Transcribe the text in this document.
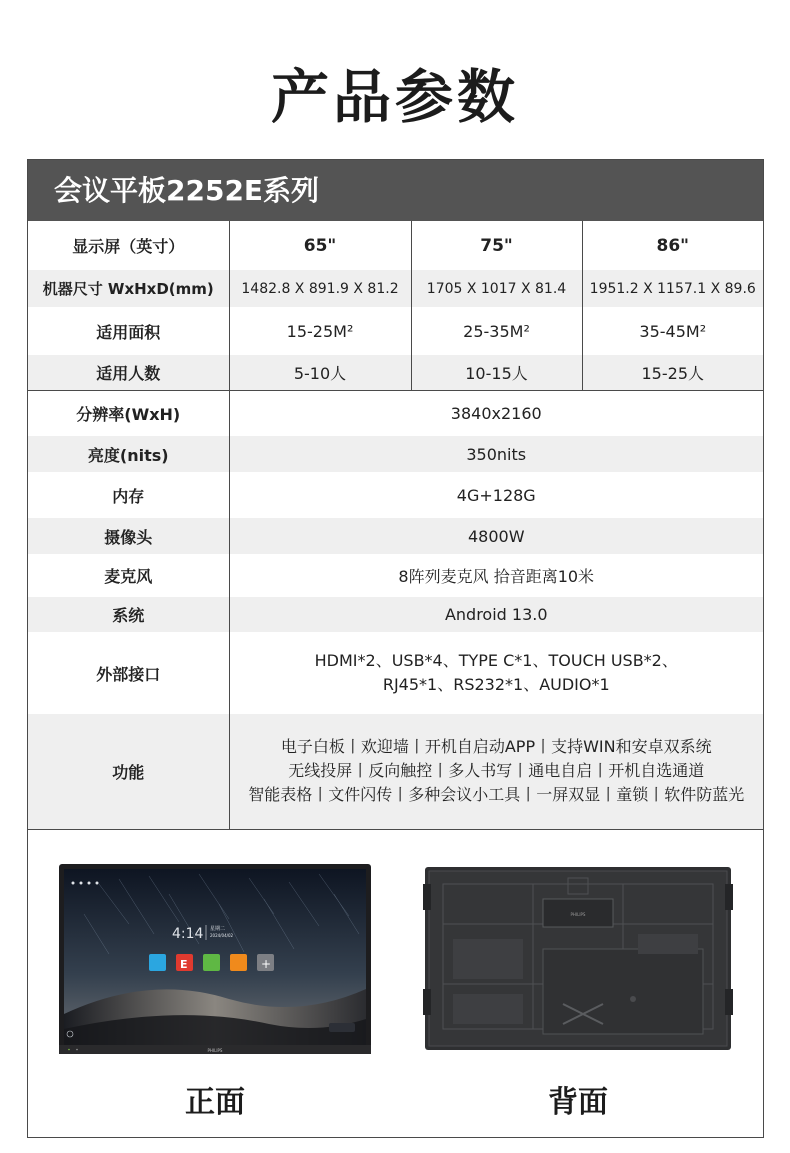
产品参数
会议平板2252E系列
显示屏（英寸）	65"	75"	86"
机器尺寸 WxHxD(mm)	1482.8 X 891.9 X 81.2	1705 X 1017 X 81.4	1951.2 X 1157.1 X 89.6
适用面积	15-25M²	25-35M²	35-45M²
适用人数	5-10人	10-15人	15-25人
分辨率(WxH)	3840x2160		
亮度(nits)	350nits		
内存	4G+128G		
摄像头	4800W		
麦克风	8阵列麦克风 拾音距离10米		
系统	Android 13.0		
外部接口	HDMI*2、USB*4、TYPE C*1、TOUCH USB*2、
RJ45*1、RS232*1、AUDIO*1		

功能	电子白板丨欢迎墙丨开机自启动APP丨支持WIN和安卓双系统
无线投屏丨反向触控丨多人书写丨通电自启丨开机自选通道
智能表格丨文件闪传丨多种会议小工具丨一屏双显丨童锁丨软件防蓝光		
4:14 星期二
2024/04/02
E	+
PHILIPS
PHILIPS
正面	背面
